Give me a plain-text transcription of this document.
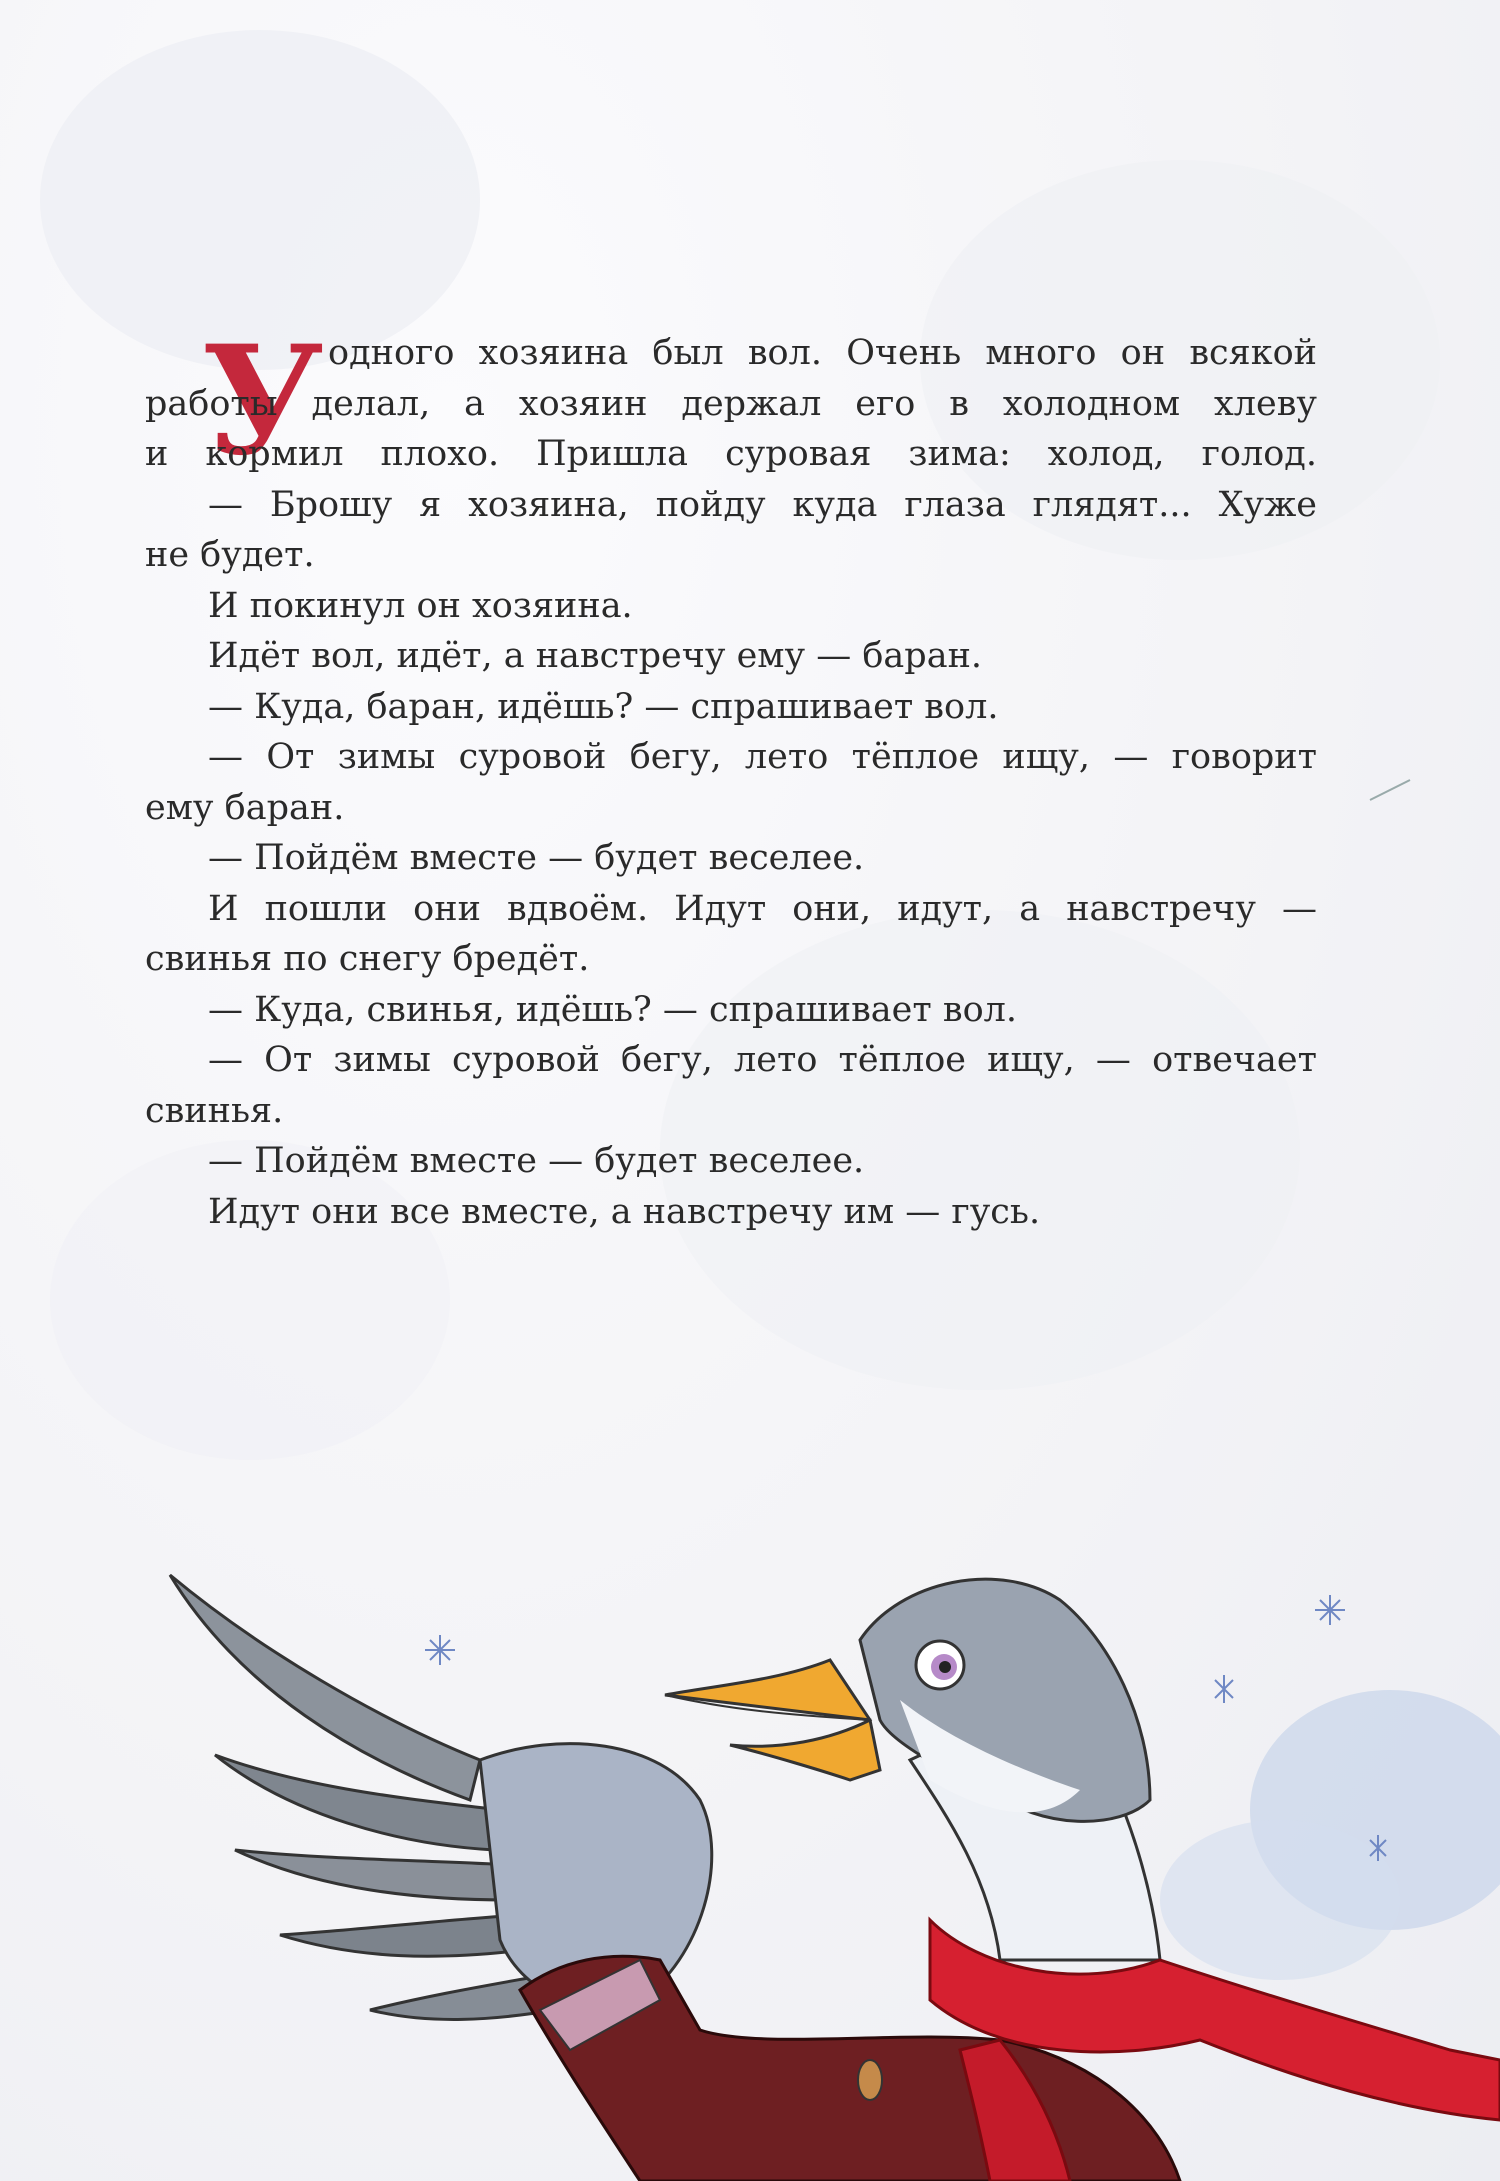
У одного хозяина был вол. Очень много он всякой
работы делал, а хозяин держал его в холодном хлеву
и кормил плохо. Пришла суровая зима: холод, голод.
— Брошу я хозяина, пойду куда глаза глядят... Хуже
не будет.
И покинул он хозяина.
Идёт вол, идёт, а навстречу ему — баран.
— Куда, баран, идёшь? — спрашивает вол.
— От зимы суровой бегу, лето тёплое ищу, — говорит
ему баран.
— Пойдём вместе — будет веселее.
И пошли они вдвоём. Идут они, идут, а навстречу —
свинья по снегу бредёт.
— Куда, свинья, идёшь? — спрашивает вол.
— От зимы суровой бегу, лето тёплое ищу, — отвечает
свинья.
— Пойдём вместе — будет веселее.
Идут они все вместе, а навстречу им — гусь.
